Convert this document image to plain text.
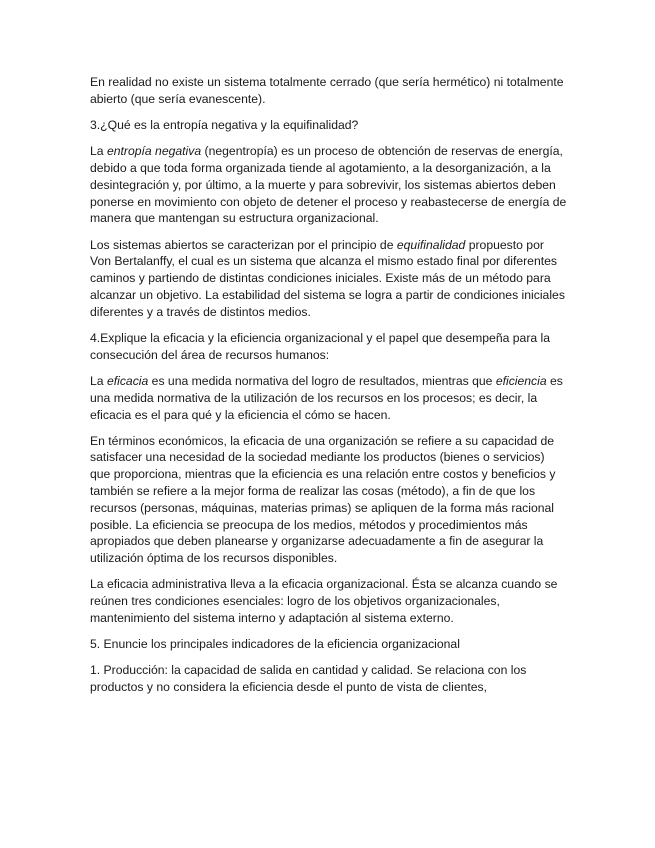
En realidad no existe un sistema totalmente cerrado (que sería hermético) ni totalmente abierto (que sería evanescente).

3.¿Qué es la entropía negativa y la equifinalidad?

La entropía negativa (negentropía) es un proceso de obtención de reservas de energía, debido a que toda forma organizada tiende al agotamiento, a la desorganización, a la desintegración y, por último, a la muerte y para sobrevivir, los sistemas abiertos deben ponerse en movimiento con objeto de detener el proceso y reabastecerse de energía de manera que mantengan su estructura organizacional.

Los sistemas abiertos se caracterizan por el principio de equifinalidad propuesto por Von Bertalanffy, el cual es un sistema que alcanza el mismo estado final por diferentes caminos y partiendo de distintas condiciones iniciales. Existe más de un método para alcanzar un objetivo. La estabilidad del sistema se logra a partir de condiciones iniciales diferentes y a través de distintos medios.

4.Explique la eficacia y la eficiencia organizacional y el papel que desempeña para la consecución del área de recursos humanos:

La eficacia es una medida normativa del logro de resultados, mientras que eficiencia es una medida normativa de la utilización de los recursos en los procesos; es decir, la eficacia es el para qué y la eficiencia el cómo se hacen.

En términos económicos, la eficacia de una organización se refiere a su capacidad de satisfacer una necesidad de la sociedad mediante los productos (bienes o servicios) que proporciona, mientras que la eficiencia es una relación entre costos y beneficios y también se refiere a la mejor forma de realizar las cosas (método), a fin de que los recursos (personas, máquinas, materias primas) se apliquen de la forma más racional posible. La eficiencia se preocupa de los medios, métodos y procedimientos más apropiados que deben planearse y organizarse adecuadamente a fin de asegurar la utilización óptima de los recursos disponibles.

La eficacia administrativa lleva a la eficacia organizacional. Ésta se alcanza cuando se reúnen tres condiciones esenciales: logro de los objetivos organizacionales, mantenimiento del sistema interno y adaptación al sistema externo.

5. Enuncie los principales indicadores de la eficiencia organizacional

1. Producción: la capacidad de salida en cantidad y calidad. Se relaciona con los productos y no considera la eficiencia desde el punto de vista de clientes,
